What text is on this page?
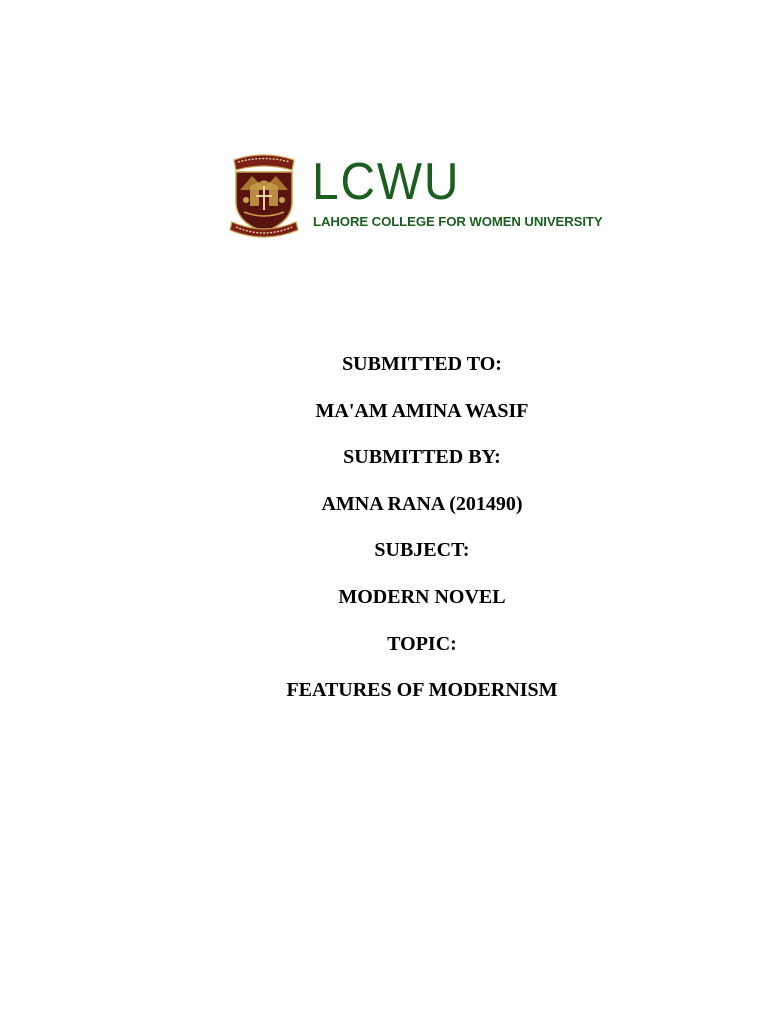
LCWU
LAHORE COLLEGE FOR WOMEN UNIVERSITY
SUBMITTED TO:
MA'AM AMINA WASIF
SUBMITTED BY:
AMNA RANA (201490)
SUBJECT:
MODERN NOVEL
TOPIC:
FEATURES OF MODERNISM
